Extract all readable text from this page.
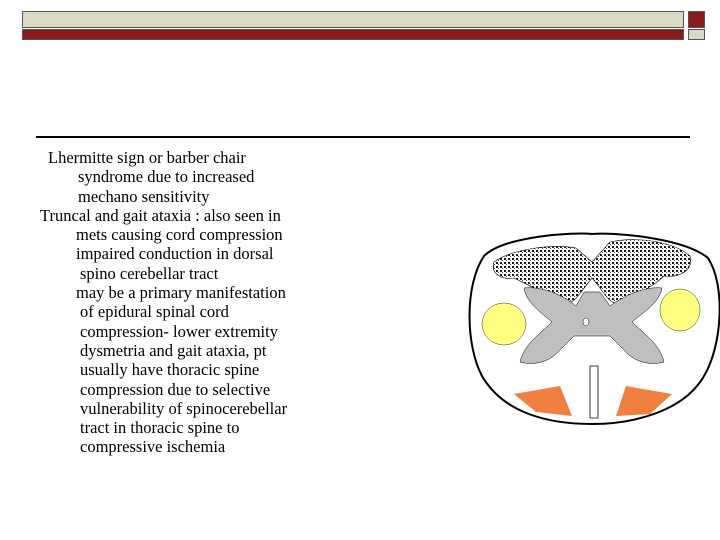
Lhermitte sign or barber chair
syndrome due to increased
mechano sensitivity
Truncal and gait ataxia : also seen in
mets causing cord compression
impaired conduction in dorsal
spino cerebellar tract
may be a primary manifestation
of epidural spinal cord
compression- lower extremity
dysmetria and gait ataxia, pt
usually have thoracic spine
compression due to selective
vulnerability of spinocerebellar
tract in thoracic spine to
compressive ischemia
